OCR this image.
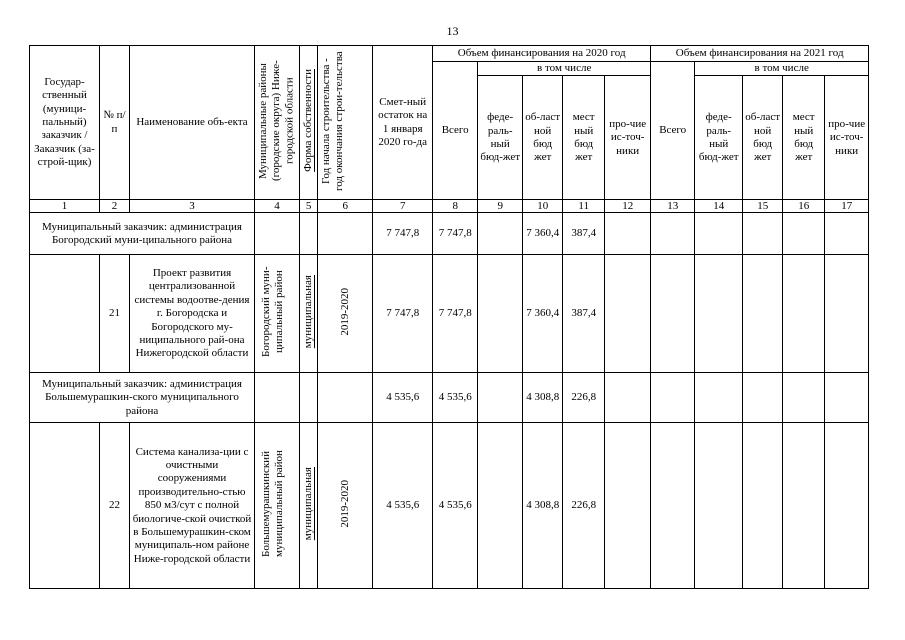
13
Государ-ственный (муници-пальный) заказчик /Заказчик (за-строй-щик)	№ п/п	Наименование объ-екта	Муниципальные районы (городские округа) Ниже-городской области	Форма собственности	Год начала строительства - год окончания строи-тельства	Смет-ный остаток на 1 января 2020 го-да	Объем финансирования на 2020 год					Объем финансирования на 2021 год				
							Всего	в том числе				Всего	в том числе			
								феде-раль-ный бюд-жет	об-ласт ной бюд жет	мест ный бюд жет	про-чие ис-точ-ники		феде-раль-ный бюд-жет	об-ласт ной бюд жет	мест ный бюд жет	про-чие ис-точ-ники
1	2	3	4	5	6	7	8	9	10	11	12	13	14	15	16	17
Муниципальный заказчик: администрация Богородский муни-ципального района						7 747,8	7 747,8		7 360,4	387,4						
	21	Проект развития централизованной системы водоотве-дения г. Богородска и Богородского му-ниципального рай-она Нижегородской области	Богородский муни-ципальный район	муниципальная	2019-2020	7 747,8	7 747,8		7 360,4	387,4						
Муниципальный заказчик: администрация Большемурашкин-ского муниципального района						4 535,6	4 535,6		4 308,8	226,8						
	22	Система канализа-ции с очистными сооружениями производительно-стью 850 м3/сут с полной биологиче-ской очисткой в Большемурашкин-ском муниципаль-ном районе Ниже-городской области	Большемурашкинский муниципальный район	муниципальная	2019-2020	4 535,6	4 535,6		4 308,8	226,8						
